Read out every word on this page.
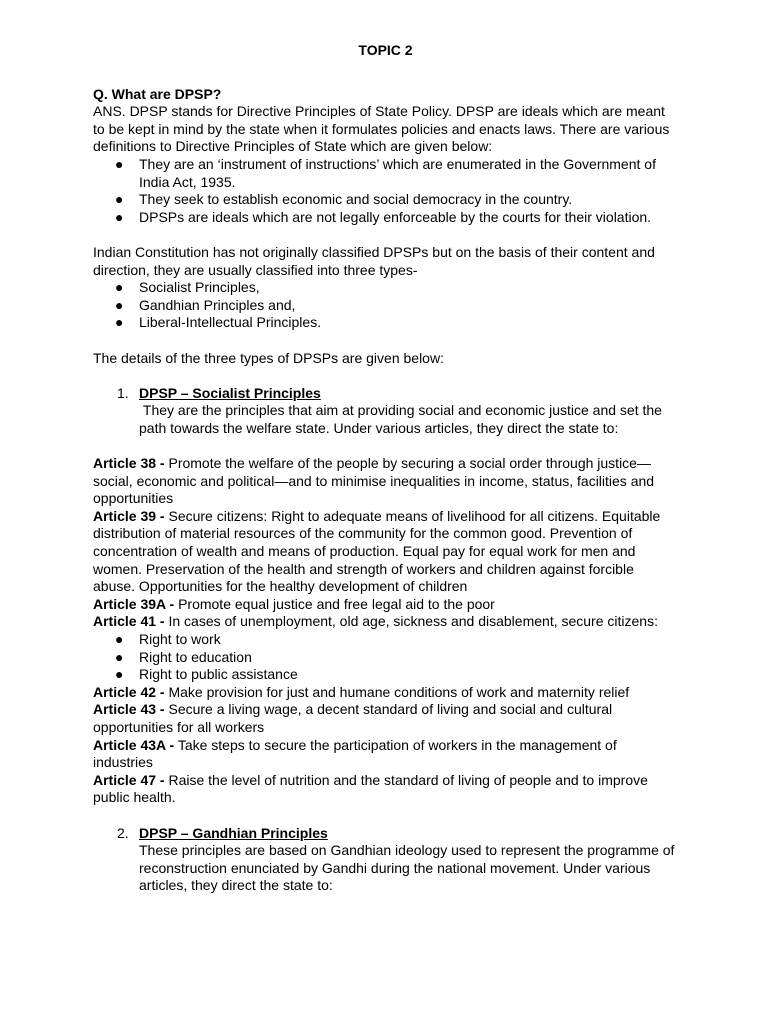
TOPIC 2

Q. What are DPSP?

ANS. DPSP stands for Directive Principles of State Policy. DPSP are ideals which are meant to be kept in mind by the state when it formulates policies and enacts laws. There are various definitions to Directive Principles of State which are given below:

● They are an ‘instrument of instructions’ which are enumerated in the Government of India Act, 1935.
● They seek to establish economic and social democracy in the country.
● DPSPs are ideals which are not legally enforceable by the courts for their violation.

Indian Constitution has not originally classified DPSPs but on the basis of their content and direction, they are usually classified into three types-

● Socialist Principles,
● Gandhian Principles and,
● Liberal-Intellectual Principles.

The details of the three types of DPSPs are given below:

1. DPSP – Socialist Principles

They are the principles that aim at providing social and economic justice and set the path towards the welfare state. Under various articles, they direct the state to:

Article 38 - Promote the welfare of the people by securing a social order through justice—social, economic and political—and to minimise inequalities in income, status, facilities and opportunities

Article 39 - Secure citizens: Right to adequate means of livelihood for all citizens. Equitable distribution of material resources of the community for the common good. Prevention of concentration of wealth and means of production. Equal pay for equal work for men and women. Preservation of the health and strength of workers and children against forcible abuse. Opportunities for the healthy development of children

Article 39A - Promote equal justice and free legal aid to the poor

Article 41 - In cases of unemployment, old age, sickness and disablement, secure citizens:

● Right to work
● Right to education
● Right to public assistance

Article 42 - Make provision for just and humane conditions of work and maternity relief

Article 43 - Secure a living wage, a decent standard of living and social and cultural opportunities for all workers

Article 43A - Take steps to secure the participation of workers in the management of industries

Article 47 - Raise the level of nutrition and the standard of living of people and to improve public health.

2. DPSP – Gandhian Principles

These principles are based on Gandhian ideology used to represent the programme of reconstruction enunciated by Gandhi during the national movement. Under various articles, they direct the state to:
